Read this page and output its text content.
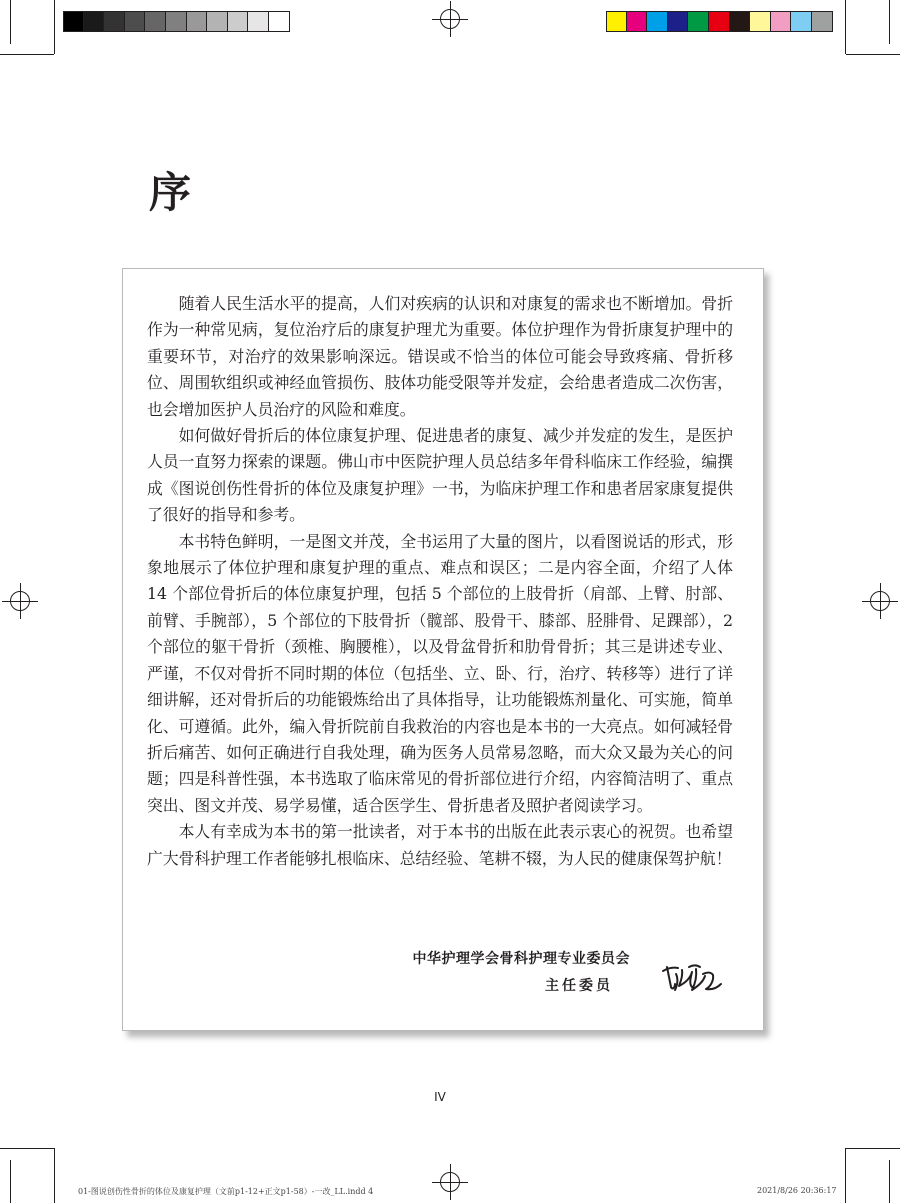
序

随着人民生活水平的提高，人们对疾病的认识和对康复的需求也不断增加。骨折作为一种常见病，复位治疗后的康复护理尤为重要。体位护理作为骨折康复护理中的重要环节，对治疗的效果影响深远。错误或不恰当的体位可能会导致疼痛、骨折移位、周围软组织或神经血管损伤、肢体功能受限等并发症，会给患者造成二次伤害，也会增加医护人员治疗的风险和难度。

如何做好骨折后的体位康复护理、促进患者的康复、减少并发症的发生，是医护人员一直努力探索的课题。佛山市中医院护理人员总结多年骨科临床工作经验，编撰成《图说创伤性骨折的体位及康复护理》一书，为临床护理工作和患者居家康复提供了很好的指导和参考。

本书特色鲜明，一是图文并茂，全书运用了大量的图片，以看图说话的形式，形象地展示了体位护理和康复护理的重点、难点和误区；二是内容全面，介绍了人体 14 个部位骨折后的体位康复护理，包括 5 个部位的上肢骨折（肩部、上臂、肘部、前臂、手腕部），5 个部位的下肢骨折（髋部、股骨干、膝部、胫腓骨、足踝部），2 个部位的躯干骨折（颈椎、胸腰椎），以及骨盆骨折和肋骨骨折；其三是讲述专业、严谨，不仅对骨折不同时期的体位（包括坐、立、卧、行，治疗、转移等）进行了详细讲解，还对骨折后的功能锻炼给出了具体指导，让功能锻炼剂量化、可实施，简单化、可遵循。此外，编入骨折院前自我救治的内容也是本书的一大亮点。如何减轻骨折后痛苦、如何正确进行自我处理，确为医务人员常易忽略，而大众又最为关心的问题；四是科普性强，本书选取了临床常见的骨折部位进行介绍，内容简洁明了、重点突出、图文并茂、易学易懂，适合医学生、骨折患者及照护者阅读学习。

本人有幸成为本书的第一批读者，对于本书的出版在此表示衷心的祝贺。也希望广大骨科护理工作者能够扎根临床、总结经验、笔耕不辍，为人民的健康保驾护航！

中华护理学会骨科护理专业委员会
主任委员
IV
01-图说创伤性骨折的体位及康复护理（文前p1-12+正文p1-58）-一改_LL.indd 4	2021/8/26 20:36:17
